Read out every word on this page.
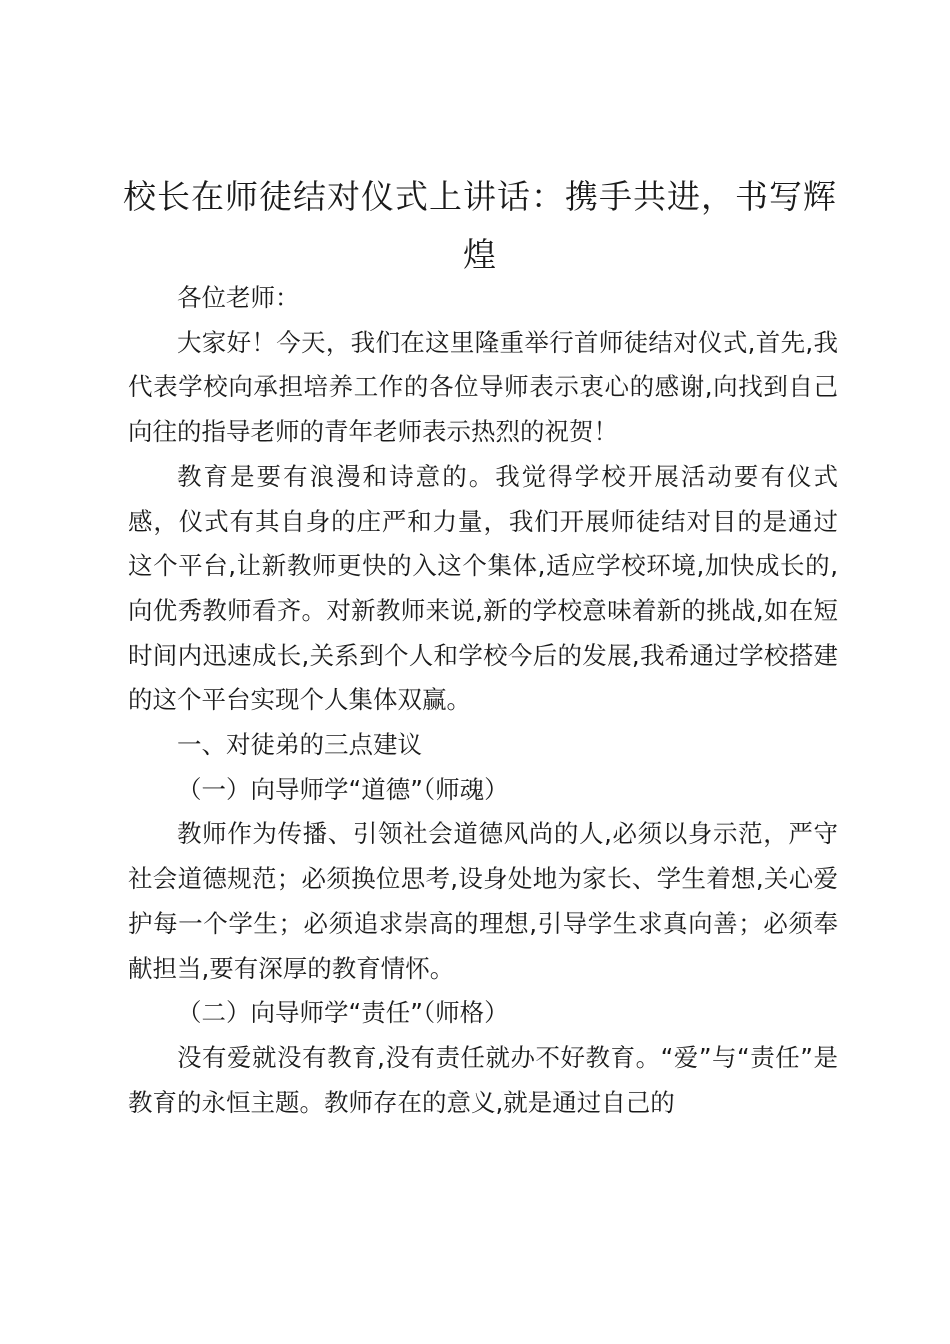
校长在师徒结对仪式上讲话：携手共进，书写辉煌

各位老师：

大家好！今天，我们在这里隆重举行首师徒结对仪式,首先,我代表学校向承担培养工作的各位导师表示衷心的感谢,向找到自己向往的指导老师的青年老师表示热烈的祝贺！

教育是要有浪漫和诗意的。我觉得学校开展活动要有仪式感，仪式有其自身的庄严和力量，我们开展师徒结对目的是通过这个平台,让新教师更快的入这个集体,适应学校环境,加快成长的,向优秀教师看齐。对新教师来说,新的学校意味着新的挑战,如在短时间内迅速成长,关系到个人和学校今后的发展,我希通过学校搭建的这个平台实现个人集体双赢。

一、对徒弟的三点建议

（一）向导师学“道德”（师魂）

教师作为传播、引领社会道德风尚的人,必须以身示范，严守社会道德规范；必须换位思考,设身处地为家长、学生着想,关心爱护每一个学生；必须追求崇高的理想,引导学生求真向善；必须奉献担当,要有深厚的教育情怀。

（二）向导师学“责任”（师格）

没有爱就没有教育,没有责任就办不好教育。“爱”与“责任”是教育的永恒主题。教师存在的意义,就是通过自己的
